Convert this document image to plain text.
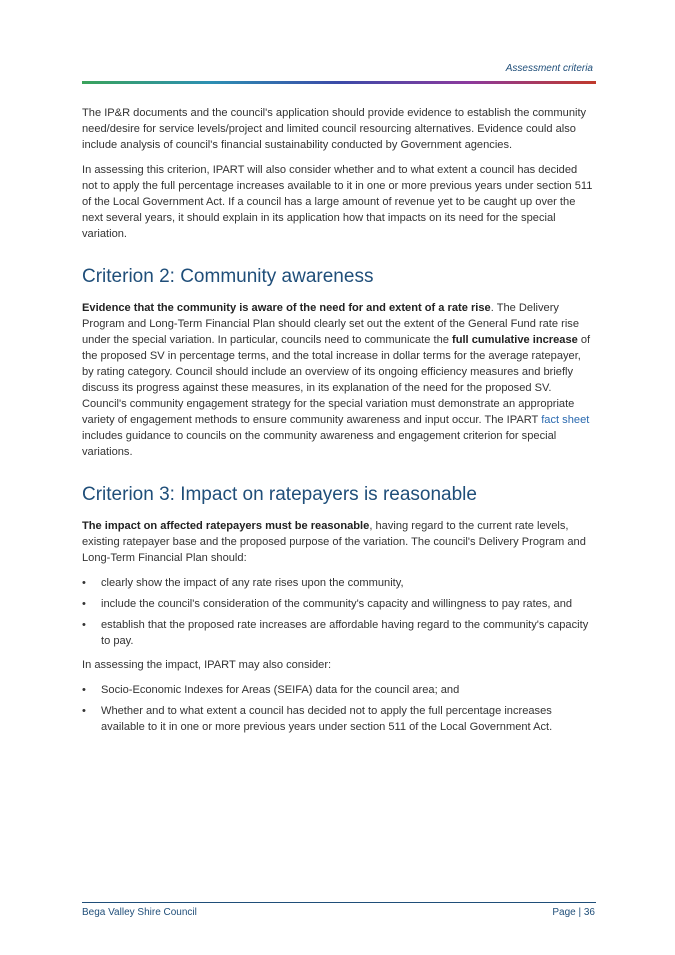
Assessment criteria

The IP&R documents and the council's application should provide evidence to establish the community need/desire for service levels/project and limited council resourcing alternatives. Evidence could also include analysis of council's financial sustainability conducted by Government agencies.

In assessing this criterion, IPART will also consider whether and to what extent a council has decided not to apply the full percentage increases available to it in one or more previous years under section 511 of the Local Government Act. If a council has a large amount of revenue yet to be caught up over the next several years, it should explain in its application how that impacts on its need for the special variation.

Criterion 2: Community awareness

Evidence that the community is aware of the need for and extent of a rate rise. The Delivery Program and Long-Term Financial Plan should clearly set out the extent of the General Fund rate rise under the special variation. In particular, councils need to communicate the full cumulative increase of the proposed SV in percentage terms, and the total increase in dollar terms for the average ratepayer, by rating category. Council should include an overview of its ongoing efficiency measures and briefly discuss its progress against these measures, in its explanation of the need for the proposed SV. Council's community engagement strategy for the special variation must demonstrate an appropriate variety of engagement methods to ensure community awareness and input occur. The IPART fact sheet includes guidance to councils on the community awareness and engagement criterion for special variations.

Criterion 3: Impact on ratepayers is reasonable

The impact on affected ratepayers must be reasonable, having regard to the current rate levels, existing ratepayer base and the proposed purpose of the variation. The council's Delivery Program and Long-Term Financial Plan should:

• clearly show the impact of any rate rises upon the community,
• include the council's consideration of the community's capacity and willingness to pay rates, and
• establish that the proposed rate increases are affordable having regard to the community's capacity to pay.

In assessing the impact, IPART may also consider:

• Socio-Economic Indexes for Areas (SEIFA) data for the council area; and
• Whether and to what extent a council has decided not to apply the full percentage increases available to it in one or more previous years under section 511 of the Local Government Act.
Bega Valley Shire Council	Page | 36
